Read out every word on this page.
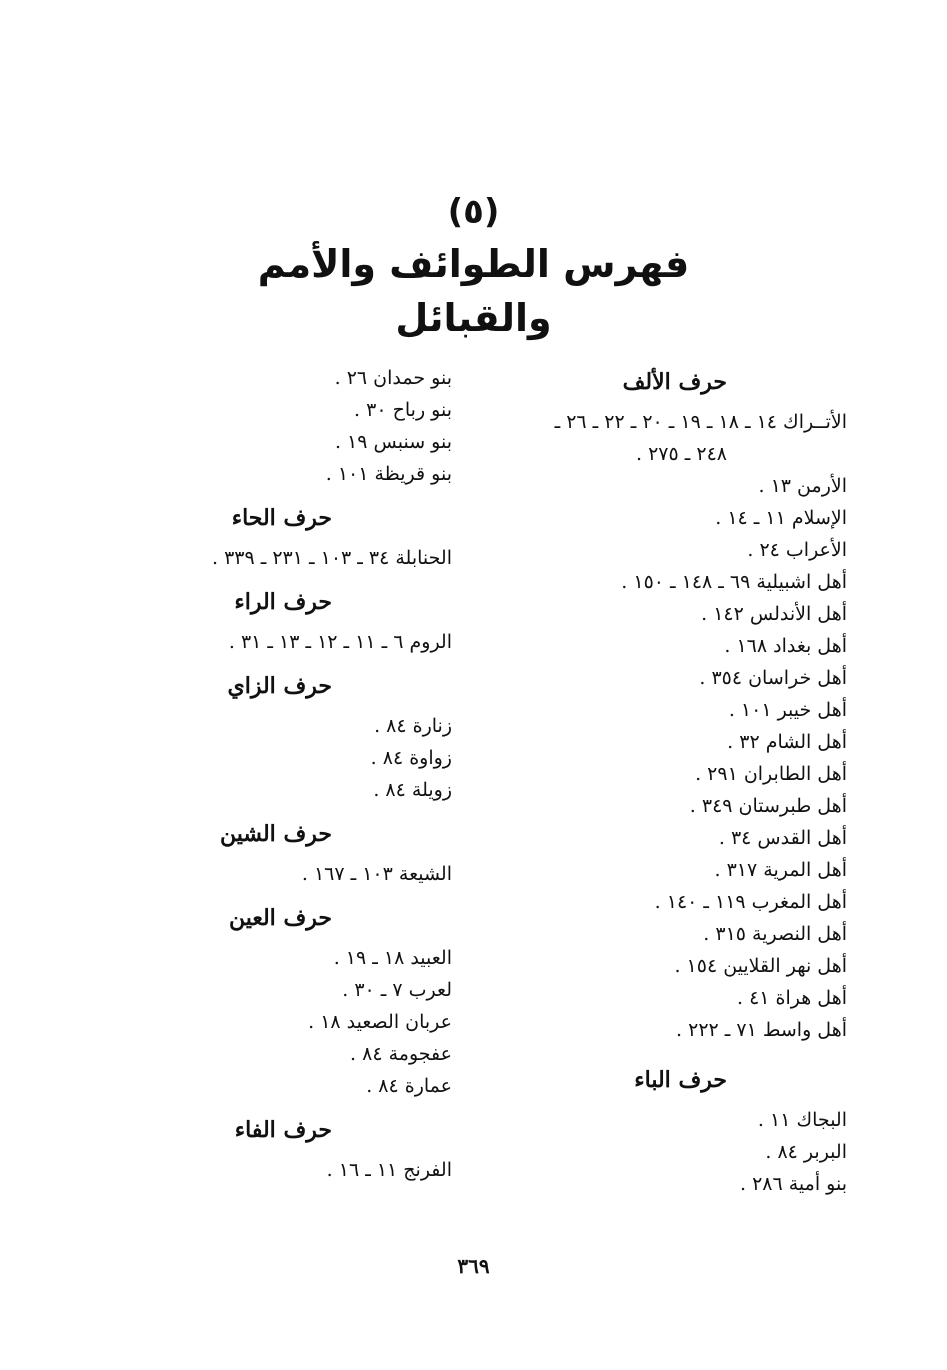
(٥)
فهرس الطوائف والأمم
والقبائل
حرف الألف
الأتــراك ١٤ ـ ١٨ ـ ١٩ ـ ٢٠ ـ ٢٢ ـ ٢٦ ـ
٢٤٨ ـ ٢٧٥ .
الأرمن ١٣ .
الإسلام ١١ ـ ١٤ .
الأعراب ٢٤ .
أهل اشبيلية ٦٩ ـ ١٤٨ ـ ١٥٠ .
أهل الأندلس ١٤٢ .
أهل بغداد ١٦٨ .
أهل خراسان ٣٥٤ .
أهل خيبر ١٠١ .
أهل الشام ٣٢ .
أهل الطابران ٢٩١ .
أهل طبرستان ٣٤٩ .
أهل القدس ٣٤ .
أهل المرية ٣١٧ .
أهل المغرب ١١٩ ـ ١٤٠ .
أهل النصرية ٣١٥ .
أهل نهر القلايين ١٥٤ .
أهل هراة ٤١ .
أهل واسط ٧١ ـ ٢٢٢ .
حرف الباء
البجاك ١١ .
البربر ٨٤ .
بنو أمية ٢٨٦ .
بنو حمدان ٢٦ .
بنو رباح ٣٠ .
بنو سنبس ١٩ .
بنو قريظة ١٠١ .
حرف الحاء
الحنابلة ٣٤ ـ ١٠٣ ـ ٢٣١ ـ ٣٣٩ .
حرف الراء
الروم ٦ ـ ١١ ـ ١٢ ـ ١٣ ـ ٣١ .
حرف الزاي
زنارة ٨٤ .
زواوة ٨٤ .
زويلة ٨٤ .
حرف الشين
الشيعة ١٠٣ ـ ١٦٧ .
حرف العين
العبيد ١٨ ـ ١٩ .
لعرب ٧ ـ ٣٠ .
عربان الصعيد ١٨ .
عفجومة ٨٤ .
عمارة ٨٤ .
حرف الفاء
الفرنج ١١ ـ ١٦ .
٣٦٩
